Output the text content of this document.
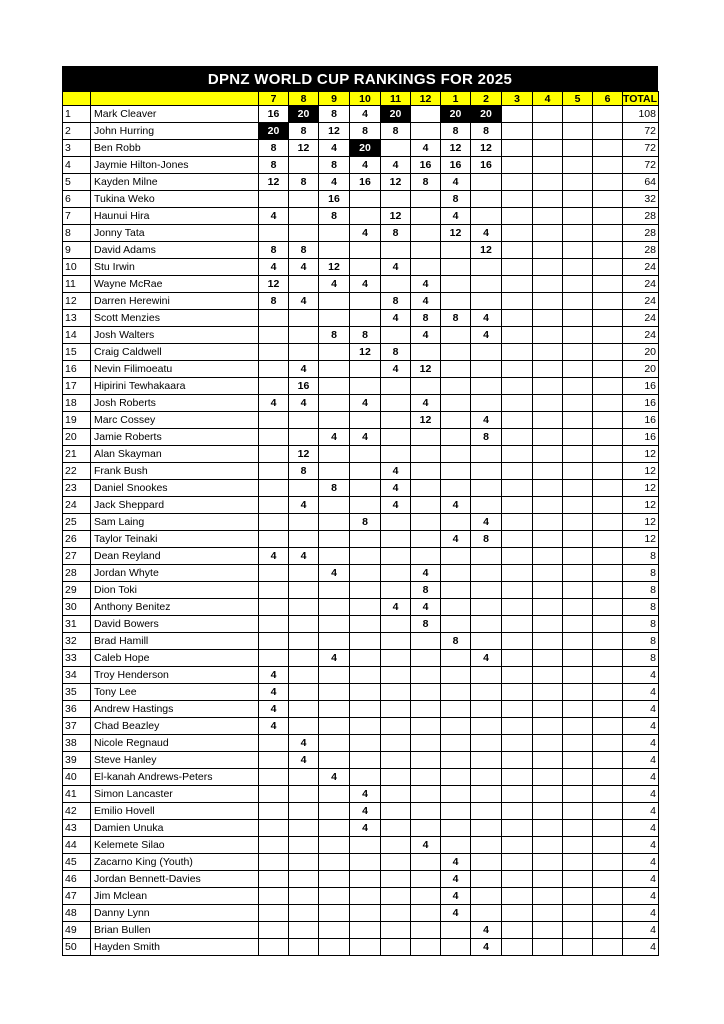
DPNZ WORLD CUP RANKINGS FOR 2025
		7	8	9	10	11	12	1	2	3	4	5	6	TOTAL
1	Mark Cleaver	16	20	8	4	20		20	20					108
2	John Hurring	20	8	12	8	8		8	8					72
3	Ben Robb	8	12	4	20		4	12	12					72
4	Jaymie Hilton-Jones	8		8	4	4	16	16	16					72
5	Kayden Milne	12	8	4	16	12	8	4						64
6	Tukina Weko			16				8						32
7	Haunui Hira	4		8		12		4						28
8	Jonny Tata				4	8		12	4					28
9	David Adams	8	8						12					28
10	Stu Irwin	4	4	12		4								24
11	Wayne McRae	12		4	4		4							24
12	Darren Herewini	8	4			8	4							24
13	Scott Menzies					4	8	8	4					24
14	Josh Walters			8	8		4		4					24
15	Craig Caldwell				12	8								20
16	Nevin Filimoeatu		4			4	12							20
17	Hipirini Tewhakaara		16											16
18	Josh Roberts	4	4		4		4							16
19	Marc Cossey						12		4					16
20	Jamie Roberts			4	4				8					16
21	Alan Skayman		12											12
22	Frank Bush		8			4								12
23	Daniel Snookes			8		4								12
24	Jack Sheppard		4			4		4						12
25	Sam Laing				8				4					12
26	Taylor Teinaki							4	8					12
27	Dean Reyland	4	4											8
28	Jordan Whyte			4			4							8
29	Dion Toki						8							8
30	Anthony Benitez					4	4							8
31	David Bowers						8							8
32	Brad Hamill							8						8
33	Caleb Hope			4					4					8
34	Troy Henderson	4												4
35	Tony Lee	4												4
36	Andrew Hastings	4												4
37	Chad Beazley	4												4
38	Nicole Regnaud		4											4
39	Steve Hanley		4											4
40	El-kanah Andrews-Peters			4										4
41	Simon Lancaster				4									4
42	Emilio Hovell				4									4
43	Damien Unuka				4									4
44	Kelemete Silao						4							4
45	Zacarno King (Youth)							4						4
46	Jordan Bennett-Davies							4						4
47	Jim Mclean							4						4
48	Danny Lynn							4						4
49	Brian Bullen								4					4
50	Hayden Smith								4					4
